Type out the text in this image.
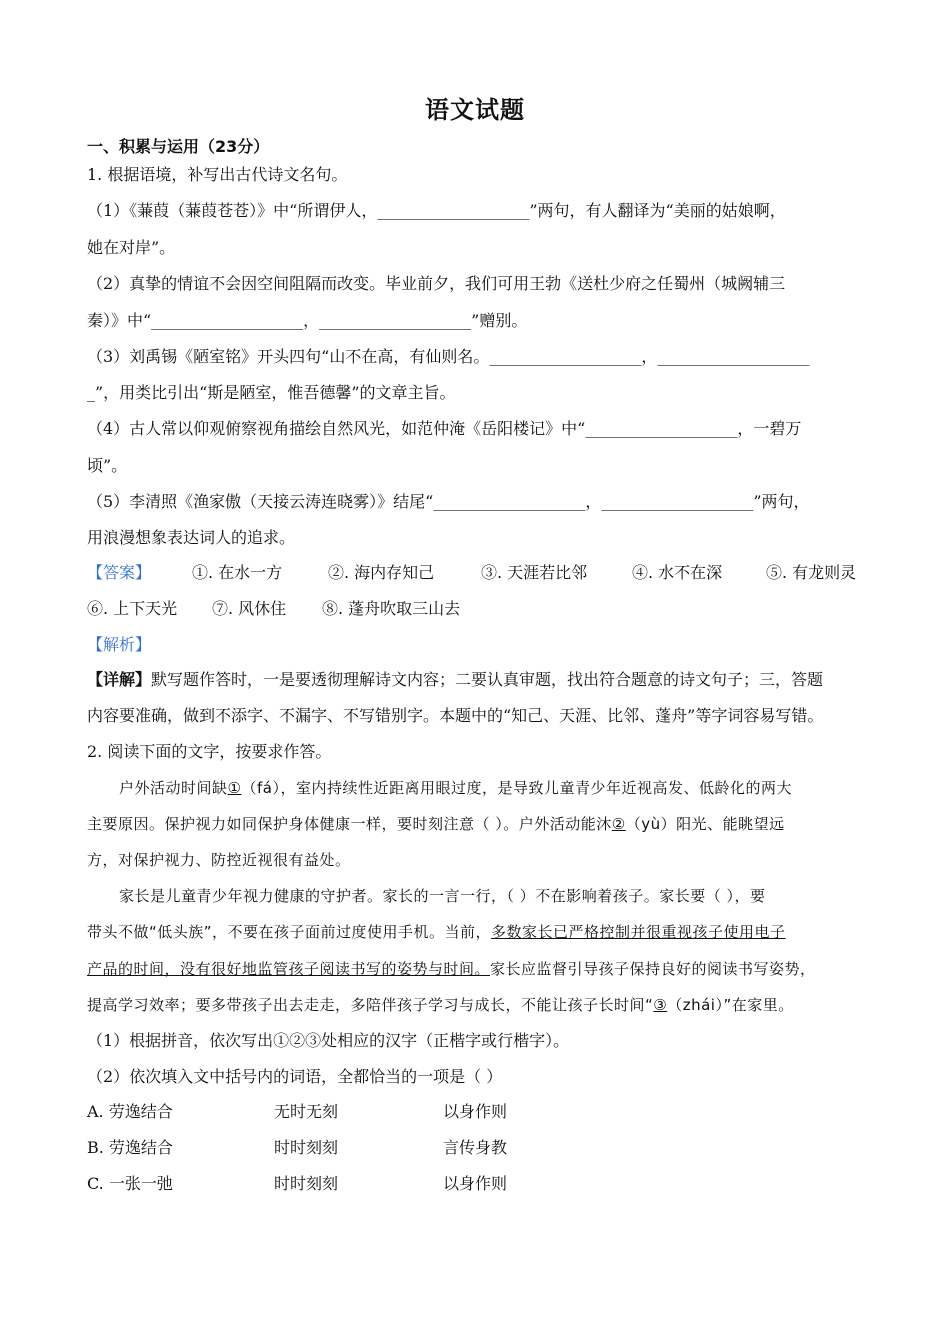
语文试题
一、积累与运用（23分）
1. 根据语境，补写出古代诗文名句。
（1）《蒹葭（蒹葭苍苍）》中“所谓伊人，___________________”两句，有人翻译为“美丽的姑娘啊，
她在对岸”。
（2）真挚的情谊不会因空间阻隔而改变。毕业前夕，我们可用王勃《送杜少府之任蜀州（城阙辅三
秦）》中“___________________，___________________”赠别。
（3）刘禹锡《陋室铭》开头四句“山不在高，有仙则名。___________________，___________________
_”，用类比引出“斯是陋室，惟吾德馨”的文章主旨。
（4）古人常以仰观俯察视角描绘自然风光，如范仲淹《岳阳楼记》中“___________________，一碧万
顷”。
（5）李清照《渔家傲（天接云涛连晓雾）》结尾“___________________，___________________”两句，
用浪漫想象表达词人的追求。
【答案】	①. 在水一方	②. 海内存知己	③. 天涯若比邻	④. 水不在深	⑤. 有龙则灵
⑥. 上下天光 ⑦. 风休住 ⑧. 蓬舟吹取三山去
【解析】
【详解】默写题作答时，一是要透彻理解诗文内容；二要认真审题，找出符合题意的诗文句子；三，答题
内容要准确，做到不添字、不漏字、不写错别字。本题中的“知己、天涯、比邻、蓬舟”等字词容易写错。
2. 阅读下面的文字，按要求作答。
户外活动时间缺①（fá），室内持续性近距离用眼过度，是导致儿童青少年近视高发、低龄化的两大
主要原因。保护视力如同保护身体健康一样，要时刻注意（ ）。户外活动能沐②（yù）阳光、能眺望远
方，对保护视力、防控近视很有益处。
家长是儿童青少年视力健康的守护者。家长的一言一行，（ ）不在影响着孩子。家长要（ ），要
带头不做“低头族”，不要在孩子面前过度使用手机。当前，多数家长已严格控制并很重视孩子使用电子
产品的时间，没有很好地监管孩子阅读书写的姿势与时间。家长应监督引导孩子保持良好的阅读书写姿势，
提高学习效率；要多带孩子出去走走，多陪伴孩子学习与成长，不能让孩子长时间“③（zhái）”在家里。
（1）根据拼音，依次写出①②③处相应的汉字（正楷字或行楷字）。
（2）依次填入文中括号内的词语，全都恰当的一项是（ ）
A. 劳逸结合	无时无刻	以身作则
B. 劳逸结合	时时刻刻	言传身教
C. 一张一弛	时时刻刻	以身作则
